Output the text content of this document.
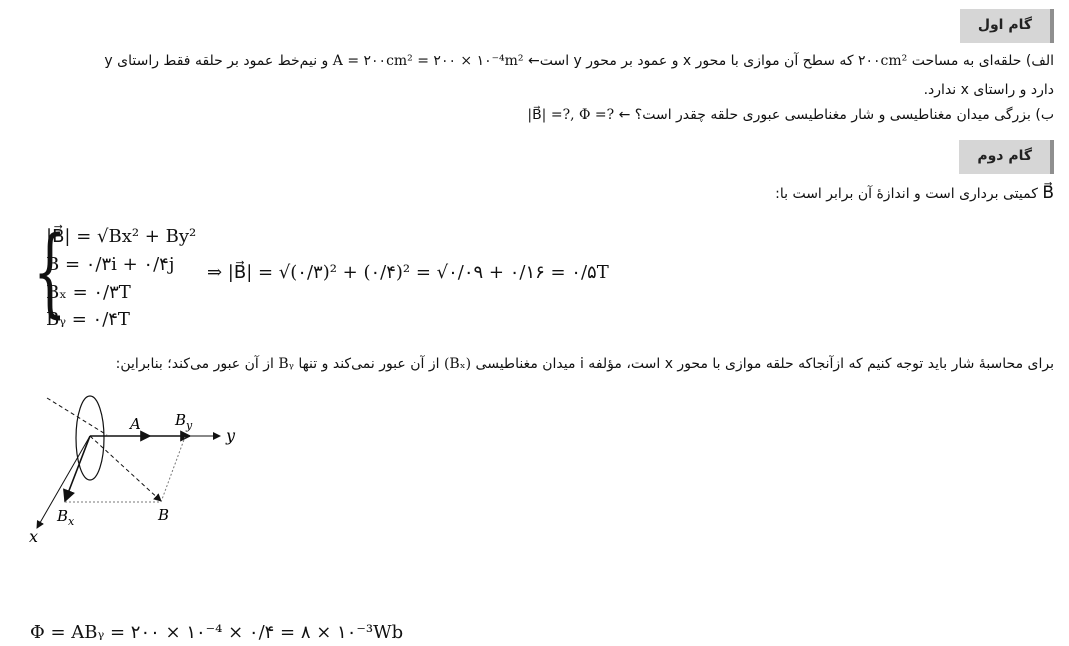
گام اول
الف) حلقه‌ای به مساحت ۲۰۰cm² که سطح آن موازی با محور x و عمود بر محور y است← A = ۲۰۰cm² = ۲۰۰ × ۱۰⁻⁴m² و نیم‌خط عمود بر حلقه فقط راستای y
دارد و راستای x ندارد.
ب) بزرگی میدان مغناطیسی و شار مغناطیسی عبوری حلقه چقدر است؟ ← |B⃗| =?, Φ =?
گام دوم
B⃗ کمیتی برداری است و اندازهٔ آن برابر است با:
{
|B⃗| = √Bx² + By²
B = ۰/۳i + ۰/۴j
Bₓ = ۰/۳T
Bᵧ = ۰/۴T
⇒ |B⃗| = √(۰/۳)² + (۰/۴)² = √۰/۰۹ + ۰/۱۶ = ۰/۵T
برای محاسبهٔ شار باید توجه کنیم که ازآنجاکه حلقه موازی با محور x است، مؤلفه i میدان مغناطیسی (Bₓ) از آن عبور نمی‌کند و تنها Bᵧ از آن عبور می‌کند؛ بنابراین:
A $B_y$
y
$B_x$	B
x
Φ = ABᵧ = ۲۰۰ × ۱۰⁻⁴ × ۰/۴ = ۸ × ۱۰⁻³Wb
